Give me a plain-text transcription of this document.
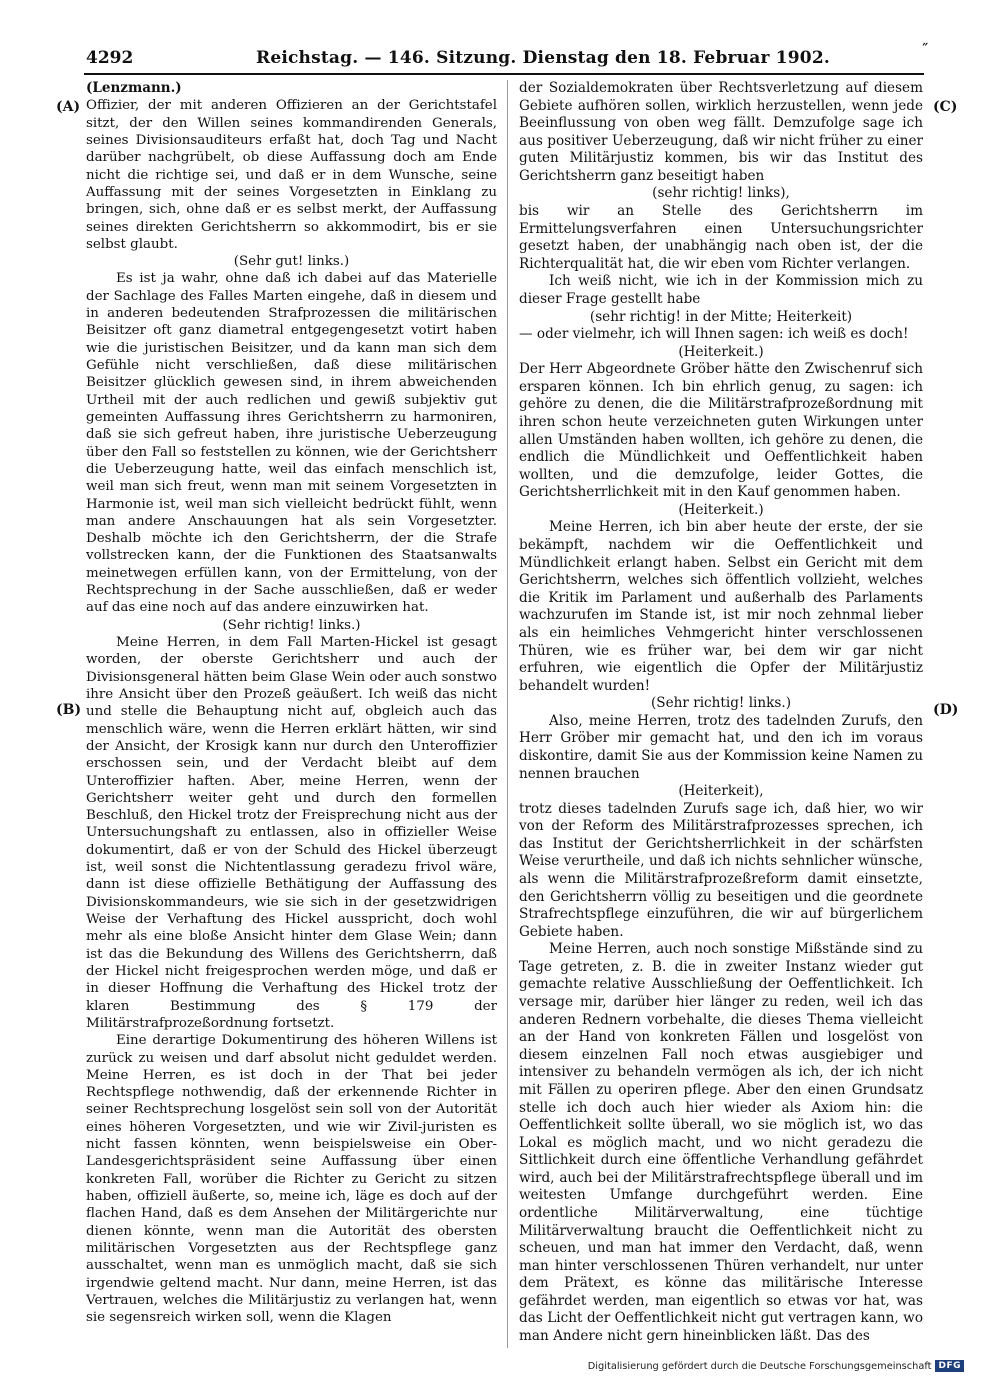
4292	Reichstag. — 146. Sitzung. Dienstag den 18. Februar 1902.	˝
(A)
(B)
(C)
(D)

(Lenzmann.)

Offizier, der mit anderen Offizieren an der Gerichtstafel sitzt, der den Willen seines kommandirenden Generals, seines Divisionsauditeurs erfaßt hat, doch Tag und Nacht darüber nachgrübelt, ob diese Auffassung doch am Ende nicht die richtige sei, und daß er in dem Wunsche, seine Auffassung mit der seines Vorgesetzten in Einklang zu bringen, sich, ohne daß er es selbst merkt, der Auffassung seines direkten Gerichtsherrn so akkommodirt, bis er sie selbst glaubt.

(Sehr gut! links.)

Es ist ja wahr, ohne daß ich dabei auf das Materielle der Sachlage des Falles Marten eingehe, daß in diesem und in anderen bedeutenden Strafprozessen die militärischen Beisitzer oft ganz diametral entgegengesetzt votirt haben wie die juristischen Beisitzer, und da kann man sich dem Gefühle nicht verschließen, daß diese militärischen Beisitzer glücklich gewesen sind, in ihrem abweichenden Urtheil mit der auch redlichen und gewiß subjektiv gut gemeinten Auffassung ihres Gerichtsherrn zu harmoniren, daß sie sich gefreut haben, ihre juristische Ueberzeugung über den Fall so feststellen zu können, wie der Gerichtsherr die Ueberzeugung hatte, weil das einfach menschlich ist, weil man sich freut, wenn man mit seinem Vorgesetzten in Harmonie ist, weil man sich vielleicht bedrückt fühlt, wenn man andere Anschauungen hat als sein Vorgesetzter. Deshalb möchte ich den Gerichtsherrn, der die Strafe vollstrecken kann, der die Funktionen des Staatsanwalts meinetwegen erfüllen kann, von der Ermittelung, von der Rechtsprechung in der Sache ausschließen, daß er weder auf das eine noch auf das andere einzuwirken hat.

(Sehr richtig! links.)

Meine Herren, in dem Fall Marten-Hickel ist gesagt worden, der oberste Gerichtsherr und auch der Divisionsgeneral hätten beim Glase Wein oder auch sonstwo ihre Ansicht über den Prozeß geäußert. Ich weiß das nicht und stelle die Behauptung nicht auf, obgleich auch das menschlich wäre, wenn die Herren erklärt hätten, wir sind der Ansicht, der Krosigk kann nur durch den Unteroffizier erschossen sein, und der Verdacht bleibt auf dem Unteroffizier haften. Aber, meine Herren, wenn der Gerichtsherr weiter geht und durch den formellen Beschluß, den Hickel trotz der Freisprechung nicht aus der Untersuchungshaft zu entlassen, also in offizieller Weise dokumentirt, daß er von der Schuld des Hickel überzeugt ist, weil sonst die Nichtentlassung geradezu frivol wäre, dann ist diese offizielle Bethätigung der Auffassung des Divisionskommandeurs, wie sie sich in der gesetzwidrigen Weise der Verhaftung des Hickel ausspricht, doch wohl mehr als eine bloße Ansicht hinter dem Glase Wein; dann ist das die Bekundung des Willens des Gerichtsherrn, daß der Hickel nicht freigesprochen werden möge, und daß er in dieser Hoffnung die Verhaftung des Hickel trotz der klaren Bestimmung des § 179 der Militärstrafprozeßordnung fortsetzt.

Eine derartige Dokumentirung des höheren Willens ist zurück zu weisen und darf absolut nicht geduldet werden. Meine Herren, es ist doch in der That bei jeder Rechtspflege nothwendig, daß der erkennende Richter in seiner Rechtsprechung losgelöst sein soll von der Autorität eines höheren Vorgesetzten, und wie wir Zivil-juristen es nicht fassen könnten, wenn beispielsweise ein Ober-Landesgerichtspräsident seine Auffassung über einen konkreten Fall, worüber die Richter zu Gericht zu sitzen haben, offiziell äußerte, so, meine ich, läge es doch auf der flachen Hand, daß es dem Ansehen der Militärgerichte nur dienen könnte, wenn man die Autorität des obersten militärischen Vorgesetzten aus der Rechtspflege ganz ausschaltet, wenn man es unmöglich macht, daß sie sich irgendwie geltend macht. Nur dann, meine Herren, ist das Vertrauen, welches die Militärjustiz zu verlangen hat, wenn sie segensreich wirken soll, wenn die Klagen

der Sozialdemokraten über Rechtsverletzung auf diesem Gebiete aufhören sollen, wirklich herzustellen, wenn jede Beeinflussung von oben weg fällt. Demzufolge sage ich aus positiver Ueberzeugung, daß wir nicht früher zu einer guten Militärjustiz kommen, bis wir das Institut des Gerichtsherrn ganz beseitigt haben

(sehr richtig! links),

bis wir an Stelle des Gerichtsherrn im Ermittelungsverfahren einen Untersuchungsrichter gesetzt haben, der unabhängig nach oben ist, der die Richterqualität hat, die wir eben vom Richter verlangen.

Ich weiß nicht, wie ich in der Kommission mich zu dieser Frage gestellt habe

(sehr richtig! in der Mitte; Heiterkeit)

— oder vielmehr, ich will Ihnen sagen: ich weiß es doch!

(Heiterkeit.)

Der Herr Abgeordnete Gröber hätte den Zwischenruf sich ersparen können. Ich bin ehrlich genug, zu sagen: ich gehöre zu denen, die die Militärstrafprozeßordnung mit ihren schon heute verzeichneten guten Wirkungen unter allen Umständen haben wollten, ich gehöre zu denen, die endlich die Mündlichkeit und Oeffentlichkeit haben wollten, und die demzufolge, leider Gottes, die Gerichtsherrlichkeit mit in den Kauf genommen haben.

(Heiterkeit.)

Meine Herren, ich bin aber heute der erste, der sie bekämpft, nachdem wir die Oeffentlichkeit und Mündlichkeit erlangt haben. Selbst ein Gericht mit dem Gerichtsherrn, welches sich öffentlich vollzieht, welches die Kritik im Parlament und außerhalb des Parlaments wachzurufen im Stande ist, ist mir noch zehnmal lieber als ein heimliches Vehmgericht hinter verschlossenen Thüren, wie es früher war, bei dem wir gar nicht erfuhren, wie eigentlich die Opfer der Militärjustiz behandelt wurden!

(Sehr richtig! links.)

Also, meine Herren, trotz des tadelnden Zurufs, den Herr Gröber mir gemacht hat, und den ich im voraus diskontire, damit Sie aus der Kommission keine Namen zu nennen brauchen

(Heiterkeit),

trotz dieses tadelnden Zurufs sage ich, daß hier, wo wir von der Reform des Militärstrafprozesses sprechen, ich das Institut der Gerichtsherrlichkeit in der schärfsten Weise verurtheile, und daß ich nichts sehnlicher wünsche, als wenn die Militärstrafprozeßreform damit einsetzte, den Gerichtsherrn völlig zu beseitigen und die geordnete Strafrechtspflege einzuführen, die wir auf bürgerlichem Gebiete haben.

Meine Herren, auch noch sonstige Mißstände sind zu Tage getreten, z. B. die in zweiter Instanz wieder gut gemachte relative Ausschließung der Oeffentlichkeit. Ich versage mir, darüber hier länger zu reden, weil ich das anderen Rednern vorbehalte, die dieses Thema vielleicht an der Hand von konkreten Fällen und losgelöst von diesem einzelnen Fall noch etwas ausgiebiger und intensiver zu behandeln vermögen als ich, der ich nicht mit Fällen zu operiren pflege. Aber den einen Grundsatz stelle ich doch auch hier wieder als Axiom hin: die Oeffentlichkeit sollte überall, wo sie möglich ist, wo das Lokal es möglich macht, und wo nicht geradezu die Sittlichkeit durch eine öffentliche Verhandlung gefährdet wird, auch bei der Militärstrafrechtspflege überall und im weitesten Umfange durchgeführt werden. Eine ordentliche Militärverwaltung, eine tüchtige Militärverwaltung braucht die Oeffentlichkeit nicht zu scheuen, und man hat immer den Verdacht, daß, wenn man hinter verschlossenen Thüren verhandelt, nur unter dem Prätext, es könne das militärische Interesse gefährdet werden, man eigentlich so etwas vor hat, was das Licht der Oeffentlichkeit nicht gut vertragen kann, wo man Andere nicht gern hineinblicken läßt. Das des

Digitalisierung gefördert durch die Deutsche Forschungsgemeinschaft DFG
